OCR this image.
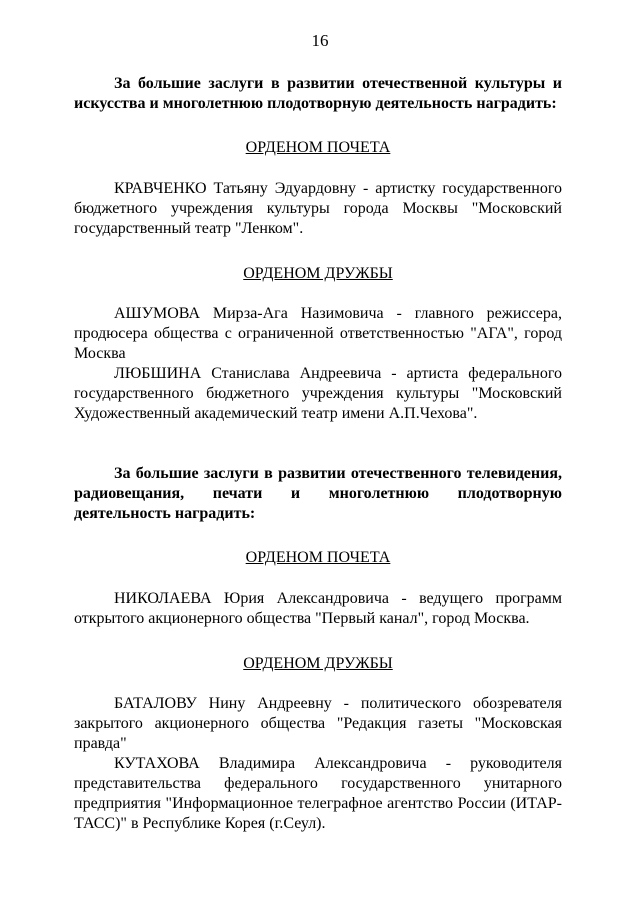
16

За большие заслуги в развитии отечественной культуры и искусства и многолетнюю плодотворную деятельность наградить:

ОРДЕНОМ ПОЧЕТА

КРАВЧЕНКО Татьяну Эдуардовну - артистку государственного бюджетного учреждения культуры города Москвы "Московский государственный театр "Ленком".

ОРДЕНОМ ДРУЖБЫ

АШУМОВА Мирза-Ага Назимовича - главного режиссера, продюсера общества с ограниченной ответственностью "АГА", город Москва

ЛЮБШИНА Станислава Андреевича - артиста федерального государственного бюджетного учреждения культуры "Московский Художественный академический театр имени А.П.Чехова".

За большие заслуги в развитии отечественного телевидения, радиовещания, печати и многолетнюю плодотворную деятельность наградить:

ОРДЕНОМ ПОЧЕТА

НИКОЛАЕВА Юрия Александровича - ведущего программ открытого акционерного общества "Первый канал", город Москва.

ОРДЕНОМ ДРУЖБЫ

БАТАЛОВУ Нину Андреевну - политического обозревателя закрытого акционерного общества "Редакция газеты "Московская правда"

КУТАХОВА Владимира Александровича - руководителя представительства федерального государственного унитарного предприятия "Информационное телеграфное агентство России (ИТАР-ТАСС)" в Республике Корея (г.Сеул).
